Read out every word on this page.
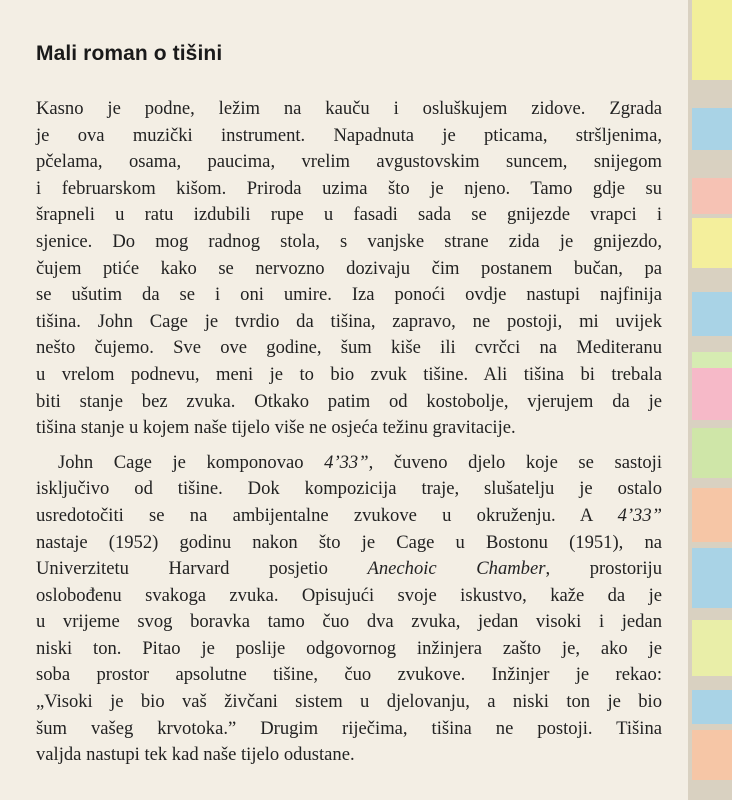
Mali roman o tišini

Kasno je podne, ležim na kauču i osluškujem zidove. Zgrada
je ova muzički instrument. Napadnuta je pticama, stršljenima,
pčelama, osama, paucima, vrelim avgustovskim suncem, snijegom
i februarskom kišom. Priroda uzima što je njeno. Tamo gdje su
šrapneli u ratu izdubili rupe u fasadi sada se gnijezde vrapci i
sjenice. Do mog radnog stola, s vanjske strane zida je gnijezdo,
čujem ptiće kako se nervozno dozivaju čim postanem bučan, pa
se ušutim da se i oni umire. Iza ponoći ovdje nastupi najfinija
tišina. John Cage je tvrdio da tišina, zapravo, ne postoji, mi uvijek
nešto čujemo. Sve ove godine, šum kiše ili cvrčci na Mediteranu
u vrelom podnevu, meni je to bio zvuk tišine. Ali tišina bi trebala
biti stanje bez zvuka. Otkako patim od kostobolje, vjerujem da je
tišina stanje u kojem naše tijelo više ne osjeća težinu gravitacije.

John Cage je komponovao 4’33”, čuveno djelo koje se sastoji
isključivo od tišine. Dok kompozicija traje, slušatelju je ostalo
usredotočiti se na ambijentalne zvukove u okruženju. A 4’33”
nastaje (1952) godinu nakon što je Cage u Bostonu (1951), na
Univerzitetu Harvard posjetio Anechoic Chamber, prostoriju
oslobođenu svakoga zvuka. Opisujući svoje iskustvo, kaže da je
u vrijeme svog boravka tamo čuo dva zvuka, jedan visoki i jedan
niski ton. Pitao je poslije odgovornog inžinjera zašto je, ako je
soba prostor apsolutne tišine, čuo zvukove. Inžinjer je rekao:
„Visoki je bio vaš živčani sistem u djelovanju, a niski ton je bio
šum vašeg krvotoka.” Drugim riječima, tišina ne postoji. Tišina
valjda nastupi tek kad naše tijelo odustane.
